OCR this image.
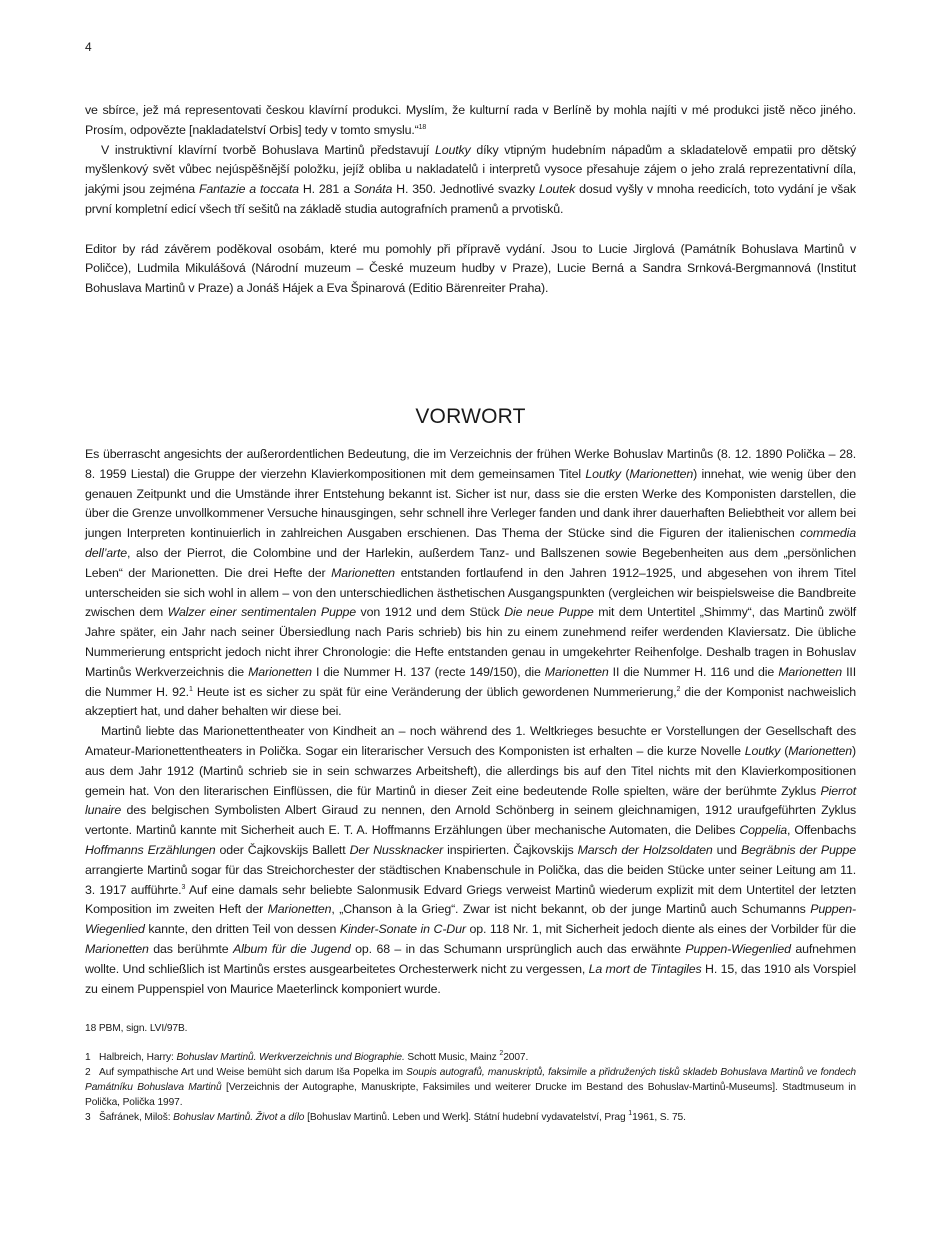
4

ve sbírce, jež má representovati českou klavírní produkci. Myslím, že kulturní rada v Berlíně by mohla najíti v mé produkci jistě něco jiného. Prosím, odpovězte [nakladatelství Orbis] tedy v tomto smyslu.“$^{18}$

V instruktivní klavírní tvorbě Bohuslava Martinů představují Loutky díky vtipným hudebním nápadům a skladatelově empatii pro dětský myšlenkový svět vůbec nejúspěšnější položku, jejíž obliba u nakladatelů i interpretů vysoce přesahuje zájem o jeho zralá reprezentativní díla, jakými jsou zejména Fantazie a toccata H. 281 a Sonáta H. 350. Jednotlivé svazky Loutek dosud vyšly v mnoha reedicích, toto vydání je však první kompletní edicí všech tří sešitů na základě studia autografních pramenů a prvotisků.

Editor by rád závěrem poděkoval osobám, které mu pomohly při přípravě vydání. Jsou to Lucie Jirglová (Památník Bohuslava Martinů v Poličce), Ludmila Mikulášová (Národní muzeum – České muzeum hudby v Praze), Lucie Berná a Sandra Srnková-Bergmannová (Institut Bohuslava Martinů v Praze) a Jonáš Hájek a Eva Špinarová (Editio Bärenreiter Praha).

VORWORT

Es überrascht angesichts der außerordentlichen Bedeutung, die im Verzeichnis der frühen Werke Bohuslav Martinůs (8. 12. 1890 Polička – 28. 8. 1959 Liestal) die Gruppe der vierzehn Klavierkompositionen mit dem gemeinsamen Titel Loutky (Marionetten) innehat, wie wenig über den genauen Zeitpunkt und die Umstände ihrer Entstehung bekannt ist. Sicher ist nur, dass sie die ersten Werke des Komponisten darstellen, die über die Grenze unvollkommener Versuche hinausgingen, sehr schnell ihre Verleger fanden und dank ihrer dauerhaften Beliebtheit vor allem bei jungen Interpreten kontinuierlich in zahlreichen Ausgaben erschienen. Das Thema der Stücke sind die Figuren der italienischen commedia dell’arte, also der Pierrot, die Colombine und der Harlekin, außerdem Tanz- und Ballszenen sowie Begebenheiten aus dem „persönlichen Leben“ der Marionetten. Die drei Hefte der Marionetten entstanden fortlaufend in den Jahren 1912–1925, und abgesehen von ihrem Titel unterscheiden sie sich wohl in allem – von den unterschiedlichen ästhetischen Ausgangspunkten (vergleichen wir beispielsweise die Bandbreite zwischen dem Walzer einer sentimentalen Puppe von 1912 und dem Stück Die neue Puppe mit dem Untertitel „Shimmy“, das Martinů zwölf Jahre später, ein Jahr nach seiner Übersiedlung nach Paris schrieb) bis hin zu einem zunehmend reifer werdenden Klaviersatz. Die übliche Nummerierung entspricht jedoch nicht ihrer Chronologie: die Hefte entstanden genau in umgekehrter Reihenfolge. Deshalb tragen in Bohuslav Martinůs Werkverzeichnis die Marionetten I die Nummer H. 137 (recte 149/150), die Marionetten II die Nummer H. 116 und die Marionetten III die Nummer H. 92.$^1$ Heute ist es sicher zu spät für eine Veränderung der üblich gewordenen Nummerierung,$^2$ die der Komponist nachweislich akzeptiert hat, und daher behalten wir diese bei.

Martinů liebte das Marionettentheater von Kindheit an – noch während des 1. Weltkrieges besuchte er Vorstellungen der Gesellschaft des Amateur-Marionettentheaters in Polička. Sogar ein literarischer Versuch des Komponisten ist erhalten – die kurze Novelle Loutky (Marionetten) aus dem Jahr 1912 (Martinů schrieb sie in sein schwarzes Arbeitsheft), die allerdings bis auf den Titel nichts mit den Klavierkompositionen gemein hat. Von den literarischen Einflüssen, die für Martinů in dieser Zeit eine bedeutende Rolle spielten, wäre der berühmte Zyklus Pierrot lunaire des belgischen Symbolisten Albert Giraud zu nennen, den Arnold Schönberg in seinem gleichnamigen, 1912 uraufgeführten Zyklus vertonte. Martinů kannte mit Sicherheit auch E. T. A. Hoffmanns Erzählungen über mechanische Automaten, die Delibes Coppelia, Offenbachs Hoffmanns Erzählungen oder Čajkovskijs Ballett Der Nussknacker inspirierten. Čajkovskijs Marsch der Holzsoldaten und Begräbnis der Puppe arrangierte Martinů sogar für das Streichorchester der städtischen Knabenschule in Polička, das die beiden Stücke unter seiner Leitung am 11. 3. 1917 aufführte.$^3$ Auf eine damals sehr beliebte Salonmusik Edvard Griegs verweist Martinů wiederum explizit mit dem Untertitel der letzten Komposition im zweiten Heft der Marionetten, „Chanson à la Grieg“. Zwar ist nicht bekannt, ob der junge Martinů auch Schumanns Puppen-Wiegenlied kannte, den dritten Teil von dessen Kinder-Sonate in C-Dur op. 118 Nr. 1, mit Sicherheit jedoch diente als eines der Vorbilder für die Marionetten das berühmte Album für die Jugend op. 68 – in das Schumann ursprünglich auch das erwähnte Puppen-Wiegenlied aufnehmen wollte. Und schließlich ist Martinůs erstes ausgearbeitetes Orchesterwerk nicht zu vergessen, La mort de Tintagiles H. 15, das 1910 als Vorspiel zu einem Puppenspiel von Maurice Maeterlinck komponiert wurde.

18 PBM, sign. LVI/97B.

1 Halbreich, Harry: Bohuslav Martinů. Werkverzeichnis und Biographie. Schott Music, Mainz $^2$2007.

2 Auf sympathische Art und Weise bemüht sich darum Iša Popelka im Soupis autografů, manuskriptů, faksimile a přidružených tisků skladeb Bohuslava Martinů ve fondech Památníku Bohuslava Martinů [Verzeichnis der Autographe, Manuskripte, Faksimiles und weiterer Drucke im Bestand des Bohuslav-Martinů-Museums]. Stadtmuseum in Polička, Polička 1997.

3 Šafránek, Miloš: Bohuslav Martinů. Život a dílo [Bohuslav Martinů. Leben und Werk]. Státní hudební vydavatelství, Prag $^1$1961, S. 75.
